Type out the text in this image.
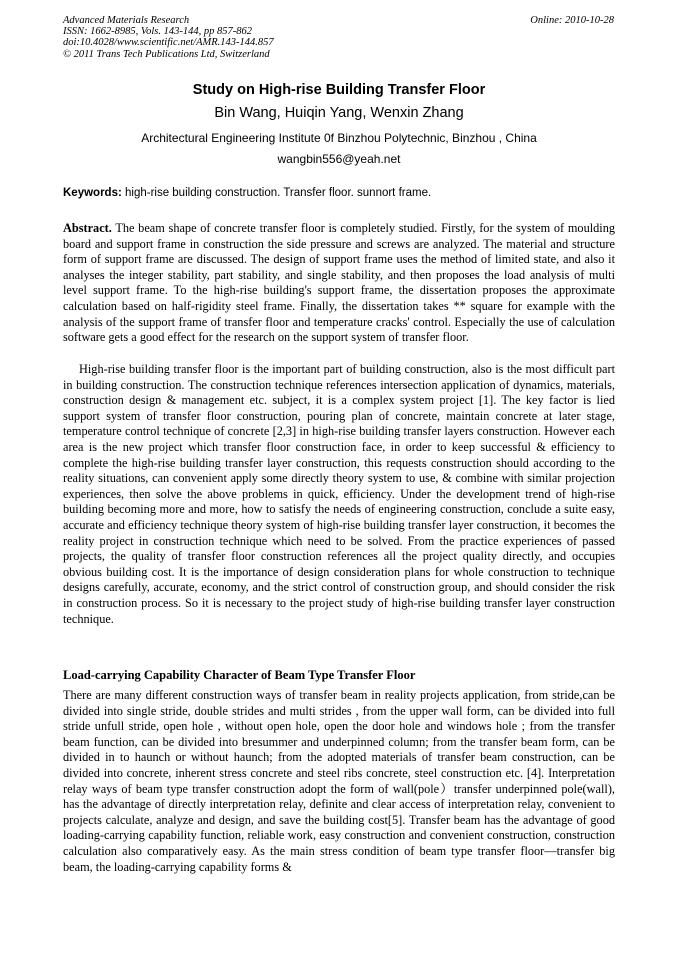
Advanced Materials Research
ISSN: 1662-8985, Vols. 143-144, pp 857-862
doi:10.4028/www.scientific.net/AMR.143-144.857
© 2011 Trans Tech Publications Ltd, Switzerland
Online: 2010-10-28
Study on High-rise Building Transfer Floor
Bin Wang, Huiqin Yang, Wenxin Zhang
Architectural Engineering Institute 0f Binzhou Polytechnic, Binzhou , China
wangbin556@yeah.net
Keywords: high-rise building construction. Transfer floor. sunnort frame.
Abstract. The beam shape of concrete transfer floor is completely studied. Firstly, for the system of moulding board and support frame in construction the side pressure and screws are analyzed. The material and structure form of support frame are discussed. The design of support frame uses the method of limited state, and also it analyses the integer stability, part stability, and single stability, and then proposes the load analysis of multi level support frame. To the high-rise building's support frame, the dissertation proposes the approximate calculation based on half-rigidity steel frame. Finally, the dissertation takes ** square for example with the analysis of the support frame of transfer floor and temperature cracks' control. Especially the use of calculation software gets a good effect for the research on the support system of transfer floor.

High-rise building transfer floor is the important part of building construction, also is the most difficult part in building construction. The construction technique references intersection application of dynamics, materials, construction design & management etc. subject, it is a complex system project [1]. The key factor is lied support system of transfer floor construction, pouring plan of concrete, maintain concrete at later stage, temperature control technique of concrete [2,3] in high-rise building transfer layers construction. However each area is the new project which transfer floor construction face, in order to keep successful & efficiency to complete the high-rise building transfer layer construction, this requests construction should according to the reality situations, can convenient apply some directly theory system to use, & combine with similar projection experiences, then solve the above problems in quick, efficiency. Under the development trend of high-rise building becoming more and more, how to satisfy the needs of engineering construction, conclude a suite easy, accurate and efficiency technique theory system of high-rise building transfer layer construction, it becomes the reality project in construction technique which need to be solved. From the practice experiences of passed projects, the quality of transfer floor construction references all the project quality directly, and occupies obvious building cost. It is the importance of design consideration plans for whole construction to technique designs carefully, accurate, economy, and the strict control of construction group, and should consider the risk in construction process. So it is necessary to the project study of high-rise building transfer layer construction technique.

Load-carrying Capability Character of Beam Type Transfer Floor

There are many different construction ways of transfer beam in reality projects application, from stride,can be divided into single stride, double strides and multi strides , from the upper wall form, can be divided into full stride unfull stride, open hole , without open hole, open the door hole and windows hole ; from the transfer beam function, can be divided into bresummer and underpinned column; from the transfer beam form, can be divided in to haunch or without haunch; from the adopted materials of transfer beam construction, can be divided into concrete, inherent stress concrete and steel ribs concrete, steel construction etc. [4]. Interpretation relay ways of beam type transfer construction adopt the form of wall(pole）transfer underpinned pole(wall), has the advantage of directly interpretation relay, definite and clear access of interpretation relay, convenient to projects calculate, analyze and design, and save the building cost[5]. Transfer beam has the advantage of good loading-carrying capability function, reliable work, easy construction and convenient construction, construction calculation also comparatively easy. As the main stress condition of beam type transfer floor—transfer big beam, the loading-carrying capability forms &
